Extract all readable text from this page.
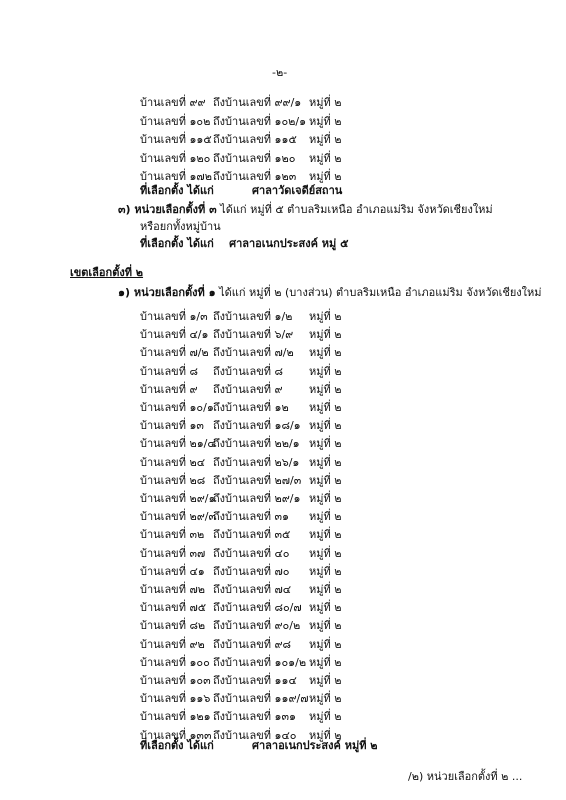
-๒-
บ้านเลขที่ ๙๙ ถึงบ้านเลขที่ ๙๙/๑ หมู่ที่ ๒
บ้านเลขที่ ๑๐๒ ถึงบ้านเลขที่ ๑๐๒/๑ หมู่ที่ ๒
บ้านเลขที่ ๑๑๕ ถึงบ้านเลขที่ ๑๑๕ หมู่ที่ ๒
บ้านเลขที่ ๑๒๐ ถึงบ้านเลขที่ ๑๒๐ หมู่ที่ ๒
บ้านเลขที่ ๑๗๒ ถึงบ้านเลขที่ ๑๒๓ หมู่ที่ ๒
ที่เลือกตั้ง ได้แก่	ศาลาวัดเจดีย์สถาน
๓) หน่วยเลือกตั้งที่ ๓ ได้แก่ หมู่ที่ ๕ ตำบลริมเหนือ อำเภอแม่ริม จังหวัดเชียงใหม่
หรือยกทั้งหมู่บ้าน
ที่เลือกตั้ง ได้แก่    ศาลาอเนกประสงค์ หมู่ ๕
เขตเลือกตั้งที่ ๒
๑) หน่วยเลือกตั้งที่ ๑ ได้แก่ หมู่ที่ ๒ (บางส่วน) ตำบลริมเหนือ อำเภอแม่ริม จังหวัดเชียงใหม่
บ้านเลขที่ ๑/๓ ถึงบ้านเลขที่ ๑/๒ หมู่ที่ ๒
บ้านเลขที่ ๔/๑ ถึงบ้านเลขที่ ๖/๙ หมู่ที่ ๒
บ้านเลขที่ ๗/๒ ถึงบ้านเลขที่ ๗/๒ หมู่ที่ ๒
บ้านเลขที่ ๘ ถึงบ้านเลขที่ ๘ หมู่ที่ ๒
บ้านเลขที่ ๙ ถึงบ้านเลขที่ ๙ หมู่ที่ ๒
บ้านเลขที่ ๑๐/๑ ถึงบ้านเลขที่ ๑๒ หมู่ที่ ๒
บ้านเลขที่ ๑๓ ถึงบ้านเลขที่ ๑๘/๑ หมู่ที่ ๒
บ้านเลขที่ ๒๑/๔
ถึงบ้านเลขที่ ๒๒/๑ หมู่ที่ ๒
บ้านเลขที่ ๒๔ ถึงบ้านเลขที่ ๒๖/๑ หมู่ที่ ๒
บ้านเลขที่ ๒๘ ถึงบ้านเลขที่ ๒๗/๓ หมู่ที่ ๒
บ้านเลขที่ ๒๙/๑
ถึงบ้านเลขที่ ๒๙/๑ หมู่ที่ ๒
บ้านเลขที่ ๒๙/๓
ถึงบ้านเลขที่ ๓๑ หมู่ที่ ๒
บ้านเลขที่ ๓๒ ถึงบ้านเลขที่ ๓๕ หมู่ที่ ๒
บ้านเลขที่ ๓๗ ถึงบ้านเลขที่ ๔๐ หมู่ที่ ๒
บ้านเลขที่ ๔๑ ถึงบ้านเลขที่ ๗๐ หมู่ที่ ๒
บ้านเลขที่ ๗๒ ถึงบ้านเลขที่ ๗๔ หมู่ที่ ๒
บ้านเลขที่ ๗๕ ถึงบ้านเลขที่ ๘๐/๗ หมู่ที่ ๒
บ้านเลขที่ ๘๒ ถึงบ้านเลขที่ ๙๐/๒ หมู่ที่ ๒
บ้านเลขที่ ๙๒ ถึงบ้านเลขที่ ๙๘ หมู่ที่ ๒
บ้านเลขที่ ๑๐๐ ถึงบ้านเลขที่ ๑๐๑/๒ หมู่ที่ ๒
บ้านเลขที่ ๑๐๓ ถึงบ้านเลขที่ ๑๑๔ หมู่ที่ ๒
บ้านเลขที่ ๑๑๖ ถึงบ้านเลขที่ ๑๑๙/๗ หมู่ที่ ๒
บ้านเลขที่ ๑๒๑ ถึงบ้านเลขที่ ๑๓๑ หมู่ที่ ๒
บ้านเลขที่ ๑๓๓ ถึงบ้านเลขที่ ๑๔๐ หมู่ที่ ๒
ที่เลือกตั้ง ได้แก่	ศาลาอเนกประสงค์ หมู่ที่ ๒
/๒) หน่วยเลือกตั้งที่ ๒ ...
